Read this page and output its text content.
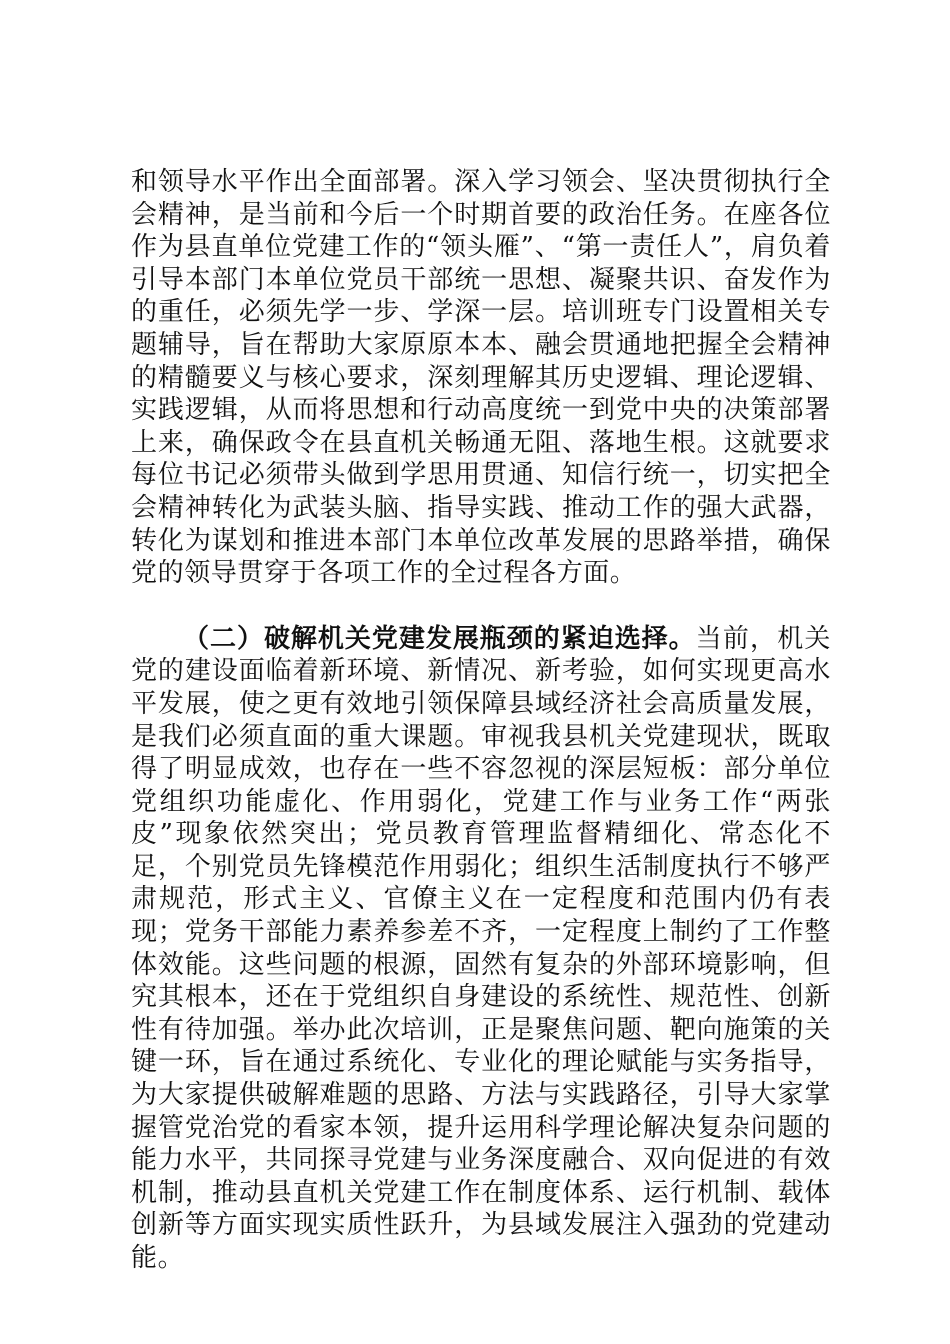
和领导水平作出全面部署。深入学习领会、坚决贯彻执行全会精神，是当前和今后一个时期首要的政治任务。在座各位作为县直单位党建工作的“领头雁”、“第一责任人”，肩负着引导本部门本单位党员干部统一思想、凝聚共识、奋发作为的重任，必须先学一步、学深一层。培训班专门设置相关专题辅导，旨在帮助大家原原本本、融会贯通地把握全会精神的精髓要义与核心要求，深刻理解其历史逻辑、理论逻辑、实践逻辑，从而将思想和行动高度统一到党中央的决策部署上来，确保政令在县直机关畅通无阻、落地生根。这就要求每位书记必须带头做到学思用贯通、知信行统一，切实把全会精神转化为武装头脑、指导实践、推动工作的强大武器，转化为谋划和推进本部门本单位改革发展的思路举措，确保党的领导贯穿于各项工作的全过程各方面。

（二）破解机关党建发展瓶颈的紧迫选择。当前，机关党的建设面临着新环境、新情况、新考验，如何实现更高水平发展，使之更有效地引领保障县域经济社会高质量发展，是我们必须直面的重大课题。审视我县机关党建现状，既取得了明显成效，也存在一些不容忽视的深层短板：部分单位党组织功能虚化、作用弱化，党建工作与业务工作“两张皮”现象依然突出；党员教育管理监督精细化、常态化不足，个别党员先锋模范作用弱化；组织生活制度执行不够严肃规范，形式主义、官僚主义在一定程度和范围内仍有表现；党务干部能力素养参差不齐，一定程度上制约了工作整体效能。这些问题的根源，固然有复杂的外部环境影响，但究其根本，还在于党组织自身建设的系统性、规范性、创新性有待加强。举办此次培训，正是聚焦问题、靶向施策的关键一环，旨在通过系统化、专业化的理论赋能与实务指导，为大家提供破解难题的思路、方法与实践路径，引导大家掌握管党治党的看家本领，提升运用科学理论解决复杂问题的能力水平，共同探寻党建与业务深度融合、双向促进的有效机制，推动县直机关党建工作在制度体系、运行机制、载体创新等方面实现实质性跃升，为县域发展注入强劲的党建动能。
